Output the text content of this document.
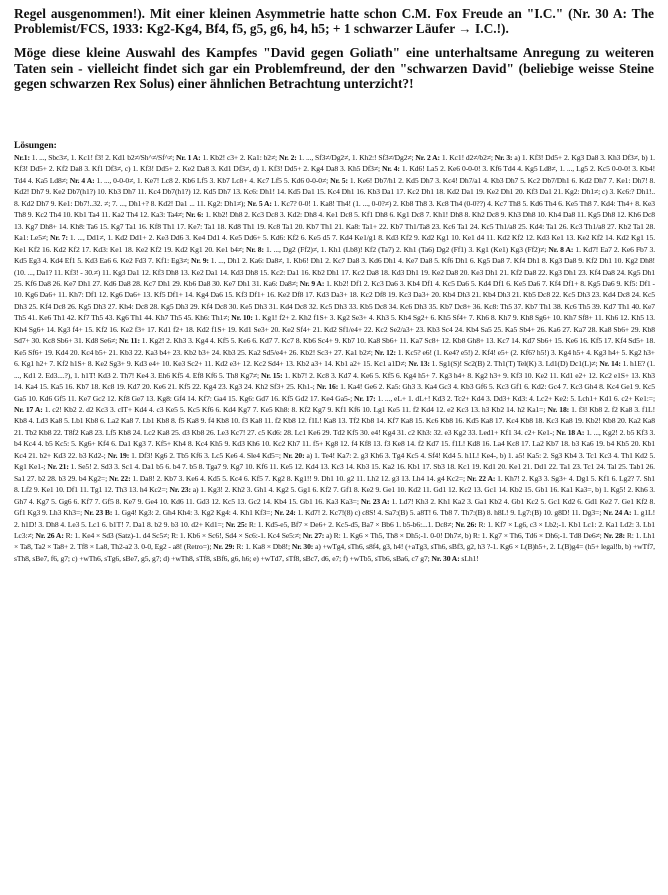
Regel ausgenommen!). Mit einer kleinen Asymmetrie hatte schon C.M. Fox Freude an "I.C." (Nr. 30 A: The Problemist/FCS, 1933: Kg2-Kg4, Bf4, f5, g5, g6, h4, h5; + 1 schwarzer Läufer → I.C.!).

Möge diese kleine Auswahl des Kampfes "David gegen Goliath" eine unterhaltsame Anregung zu weiteren Taten sein - vielleicht findet sich gar ein Problemfreund, der den "schwarzen David" (beliebige weisse Steine gegen schwarzen Rex Solus) einer ähnlichen Betrachtung unterzicht?!

Lösungen:
Nr.1: 1. ..., Sbc3≠, 1. Kc1! f3! 2. Kd1 b2≠/Sh^≠/Sf^≠; Nr. 1 A: 1. Kb2! c3+ 2. Ka1: b2≠; Nr. 2: 1. ..., Sf3≠/Dg2≠, 1. Kh2:! Sf3≠/Dg2≠; Nr. 2 A: 1. Kc1! d2≠/b2≠; Nr. 3: a) 1. Kf3! Dd5+ 2. Kg3 Da8 3. Kh3 Df3≠, b) 1. Kf3! Dd5+ 2. Kf2 Da8 3. Kf1 Df3≠, c) 1. Kf3! Dd5+ 2. Ke2 Da8 3. Kd1 Df3≠, d) 1. Kf3! Dd5+ 2. Kg4 Da8 3. Kh5 Df3≠; Nr. 4: 1. Kd6! La5 2. Ke6 0-0-0! 3. Kf6 Td4 4. Kg5 Ld8≠, 1. ..., Lg5 2. Kc5 0-0-0! 3. Kb4! Td4 4. Ka5 Ld8≠; Nr. 4 A: 1. ..., 0-0-0≠, 1. Ke7! Lc8 2. Kb6 Lf5 3. Kb7 Lc8+ 4. Kc7 Lf5 5. Kd6 0-0-0≠; Nr. 5: 1. Ke6! Db7/h1 2. Kd5 Dh7 3. Kc4! Dh7/a1 4. Kb3 Dh7 5. Kc2 Db7/Dh1 6. Kd2 Dh7 7. Ke1: Dh7! 8. Kd2! Dh7 9. Ke2 Db7(h1?) 10. Kb3 Dh7 11. Kc4 Db7(h1?) 12. Kd5 Dh7 13. Kc6: Dh1! 14. Kd5 Da1 15. Kc4 Dh1 16. Kb3 Da1 17. Kc2 Dh1 18. Kd2 Da1 19. Ke2 Dh1 20. Kf3 Da1 21. Kg2: Dh1≠; c) 3. Kc6:? Dh1!.. 8. Kd2 Dh7 9. Ke1: Db7!..32. ≠; 7. ..., Dh1+? 8. Kd2! Da1 ... 11. Kg2: Dh1≠); Nr. 5 A: 1. Kc7? 0-0! 1. Ka8! Th4! (1. ..., 0-0?≠) 2. Kb8 Th8 3. Kc8 Th4 (0-0??) 4. Kc7 Th8 5. Kd6 Th4 6. Ke5 Th8 7. Kd4: Th4+ 8. Ke3 Th8 9. Kc2 Th4 10. Kb1 Ta4 11. Ka2 Th4 12. Ka3: Ta4≠; Nr. 6: 1. Kb2! Dh8 2. Kc3 Dc8 3. Kd2: Dh8 4. Ke1 Dc8 5. Kf1 Dh8 6. Kg1 Dc8 7. Kh1! Dh8 8. Kh2 Dc8 9. Kh3 Dh8 10. Kh4 Da8 11. Kg5 Dh8 12. Kh6 Dc8 13. Kg7 Dh8+ 14. Kh8: Ta6 15. Kg7 Ta1 16. Kf8 Th1 17. Ke7: Ta1 18. Kd8 Th1 19. Kc8 Ta1 20. Kb7 Th1 21. Ka8: Ta1+ 22. Kb7 Th1/Ta8 23. Kc6 Ta1 24. Kc5 Th1/a8 25. Kd4: Ta1 26. Kc3 Th1/a8 27. Kb2 Ta1 28. Ka1: Le5≠; Nr. 7: 1. ..., Dd1≠, 1. Kd2 Dd1+ 2. Ke3 Dd6 3. Ke4 Dd1 4. Ke5 Dd6+ 5. Kd6: Kf2 6. Ke5 d5 7. Kd4 Ke1/g1 8. Kd3 Kf2 9. Kd2 Kg1 10. Ke1 d4 11. Kd2 Kf2 12. Kd3 Ke1 13. Ke2 Kf2 14. Kd2 Kg1 15. Ke1 Kf2 16. Kd2 Kf2 17. Kd3: Ke1 18. Ke2 Kf2 19. Kd2 Kg1 20. Ke1 b4≠; Nr. 8: 1. ..., Dg2 (Ff2)≠, 1. Kh1 (Lb8)! Kf2 (Ta7) 2. Kh1 (Ta6) Dg2 (Ff1) 3. Kg1 (Ke1) Kg3 (Ff2)≠; Nr. 8 A: 1. Kd7! Ea7 2. Ke6 Fb7 3. Kd5 Eg3 4. Kd4 Ef1 5. Kd3 Ea6 6. Ke2 Fd3 7. Kf1: Eg3≠; Nr. 9: 1. ..., Dh1 2. Ka6: Da8≠, 1. Kb6! Dh1 2. Kc7 Da8 3. Kd6 Dh1 4. Ke7 Da8 5. Kf6 Dh1 6. Kg5 Da8 7. Kf4 Dh1 8. Kg3 Da8 9. Kf2 Dh1 10. Kg2 Dh8! (10. ..., Da1? 11. Kf3! - 30.≠) 11. Kg3 Da1 12. Kf3 Dh8 13. Ke2 Da1 14. Kd3 Dh8 15. Kc2: Da1 16. Kb2 Dh1 17. Kc2 Da8 18. Kd3 Dh1 19. Ke2 Da8 20. Ke3 Dh1 21. Kf2 Da8 22. Kg3 Dh1 23. Kf4 Da8 24. Kg5 Dh1 25. Kf6 Da8 26. Ke7 Dh1 27. Kd6 Da8 28. Kc7 Dh1 29. Kb6 Da8 30. Ke7 Dh1 31. Ka6: Da8≠; Nr. 9 A: 1. Kb2! Df1 2. Kc3 Da6 3. Kb4 Df1 4. Kc5 Da6 5. Kd4 Df1 6. Ke5 Da6 7. Kf4 Df1+ 8. Kg5 Da6 9. Kf5: Df1 - 10. Kg6 Da6+ 11. Kh7: Df1 12. Kg6 Da6+ 13. Kf5 Df1+ 14. Kg4 Da6 15. Kf3 Df1+ 16. Ke2 Df8 17. Kd3 Da3+ 18. Kc2 Df8 19. Kc3 Da3+ 20. Kb4 Dh3 21. Kb4 Dh3 21. Kb5 Dc8 22. Kc5 Dh3 23. Kd4 Dc8 24. Kc5 Dh3 25. Kf4 Dc8 26. Kg5 Dh3 27. Kh4: Dc8 28. Kg5 Dh3 29. Kf4 Dc8 30. Ke5 Dh3 31. Kd4 Dc8 32. Kc5 Dh3 33. Kb5 Dc8 34. Kc6 Dh3 35. Kb7 Dc8+ 36. Kc8: Th5 37. Kb7 Th1 38. Kc6 Th5 39. Kd7 Th1 40. Ke7 Th5 41. Ke6 Th1 42. Kf7 Th5 43. Kg6 Th1 44. Kh7 Th5 45. Kh6: Th1≠; Nr. 10: 1. Kg1! f2+ 2. Kh2 f1S+ 3. Kg2 Se3+ 4. Kh3 5. Kh4 Sg2+ 6. Kh5 Sf4+ 7. Kh6 8. Kh7 9. Kh8 Sg6+ 10. Kh7 Sf8+ 11. Kh6 12. Kh5 13. Kh4 Sg6+ 14. Kg3 f4+ 15. Kf2 16. Ke2 f3+ 17. Kd1 f2+ 18. Kd2 f1S+ 19. Kd1 Se3+ 20. Ke2 Sf4+ 21. Kd2 Sf1/e4+ 22. Kc2 Se2/a3+ 23. Kb3 Sc4 24. Kb4 Sa5 25. Ka5 Sb4+ 26. Ka6 27. Ka7 28. Ka8 Sb6+ 29. Kb8 Sd7+ 30. Kc8 Sb6+ 31. Kd8 Se6≠; Nr. 11: 1. Kg2! 2. Kh3 3. Kg4 4. Kf5 5. Ke6 6. Kd7 7. Kc7 8. Kb6 Sc4+ 9. Kb7 10. Ka8 Sb6+ 11. Ka7 Sc8+ 12. Kb8 Gh8+ 13. Kc7 14. Kd7 Sb6+ 15. Ke6 16. Kf5 17. Kf4 Sd5+ 18. Ke5 Sf6+ 19. Kd4 20. Kc4 b5+ 21. Kb3 22. Ka3 b4+ 23. Kb2 b3+ 24. Kb3 25. Ka2 Sd5/e4+ 26. Kb2! Sc3+ 27. Ka1 b2≠; Nr. 12: 1. Kc5? e6! (1. Ke4? e5!) 2. Kf4! e5+ (2. Kf6? h5!) 3. Kg4 h5+ 4. Kg3 h4+ 5. Kg2 h3+ 6. Kg1 h2+ 7. Kf2 h1S+ 8. Ke2 Sg3+ 9. Kd3 e4+ 10. Ke3 Sc2+ 11. Kd2 e3+ 12. Kc2 Sd4+ 13. Kb2 a3+ 14. Kb1 a2+ 15. Kc1 a1D≠; Nr. 13: 1. Sg1(S)! Sc2(B) 2. Th1(T) Tel(K) 3. Ld1(D) Dc1(L)≠; Nr. 14: 1. h1E? (1. ..., Kd1 2. Ed3....?), 1. h1T! Kd3 2. Th7! Ke4 3. Eh6 Kf5 4. Ef8 Kf6 5. Th8 Kg7≠; Nr. 15: 1. Kb7! 2. Kc8 3. Kd7 4. Ke6 5. Kf5 6. Kg4 h5+ 7. Kg3 h4+ 8. Kg2 h3+ 9. Kf3 10. Ke2 11. Kd1 e2+ 12. Kc2 e1S+ 13. Kb3 14. Ka4 15. Ka5 16. Kb7 18. Kc8 19. Kd7 20. Ke6 21. Kf5 22. Kg4 23. Kg3 24. Kh2 Sf3+ 25. Kh1-; Nr. 16: 1. Ka4! Ge6 2. Ka5: Gh3 3. Ka4 Gc3 4. Kb3 Gf6 5. Kc3 Gf1 6. Kd2: Gc4 7. Kc3 Gh4 8. Kc4 Ge1 9. Kc5 Ga5 10. Kd6 Gf5 11. Ke7 Gc2 12. Kf8 Ge7 13. Kg8: Gf4 14. Kf7: Ga4 15. Kg6: Gd7 16. Kf5 Gd2 17. Ke4 Ga5-; Nr. 17: 1. ..., eL+ 1. dL+! Kd3 2. Tc2+ Kd4 3. Dd3+ Kd3: 4. Lc2+ Ke2: 5. Lch1+ Kd1 6. c2+ Ke1:=; Nr. 17 A: 1. c2! Kb2 2. d2 Kc3 3. cIT+ Kd4 4. c3 Ke5 5. Kc5 Kf6 6. Kd4 Kg7 7. Ke5 Kh8: 8. Kf2 Kg7 9. Kf1 Kf6 10. Lg1 Ke5 11. f2 Kd4 12. e2 Kc3 13. h3 Kb2 14. h2 Ka1=; Nr. 18: 1. f3! Kb8 2. f2 Ka8 3. f1L! Kb8 4. Ld3 Ka8 5. Lb1 Kb8 6. La2 Ka8 7. Lb1 Kb8 8. f5 Ka8 9. f4 Kb8 10. f3 Ka8 11. f2 Kb8 12. f1L! Ka8 13. Tf2 Kb8 14. Kf7 Ka8 15. Kc6 Kb8 16. Kd5 Ka8 17. Kc4 Kb8 18. Kc3 Ka8 19. Kb2! Kb8 20. Ka2 Ka8 21. Tb2 Kb8 22. T8f2 Ka8 23. Lf5 Kb8 24. Lc2 Ka8 25. d3 Kb8 26. Le3 Kc7! 27. c5 Kd6: 28. Lc1 Ke6 29. Td2 Kf5 30. e4! Kg4 31. c2 Kh3: 32. e3 Kg2 33. Led1+ Kf1 34. c2+ Ke1-; Nr. 18 A: 1. ..., Kg2! 2. b5 Kf3 3. b4 Kc4 4. b5 Kc5: 5. Kg6+ Kf4 6. Da1 Kg3 7. Kf5+ Kh4 8. Kc4 Kh5 9. Kd3 Kh6 10. Kc2 Kh7 11. f5+ Kg8 12. f4 Kf8 13. f3 Ke8 14. f2 Kd7 15. f1L! Kd8 16. La4 Kc8 17. La2 Kb7 18. b3 Ka6 19. b4 Kb5 20. Kb1 Kc4 21. b2+ Kd3 22. b3 Kd2-; Nr. 19: 1. Df3! Kg6 2. Tb5 Kf6 3. Lc5 Ke6 4. Sle4 Kd5=; Nr. 20: a) 1. Te4! Ka7: 2. g3 Kh6 3. Tg4 Kc5 4. Sf4! Kd4 5. h1L! Ke4-, b) 1. a5! Ka5: 2. Sg3 Kb4 3. Tc1 Kc3 4. Th1 Kd2 5. Kg1 Ke1-; Nr. 21: 1. Se5! 2. Sd3 3. Sc1 4. Da1 b5 6. b4 7. b5 8. Tga7 9. Kg7 10. Kf6 11. Ke5 12. Kd4 13. Kc3 14. Kb3 15. Ka2 16. Kb1 17. Sb3 18. Kc1 19. Kd1 20. Ke1 21. Dd1 22. Ta1 23. Tc1 24. Tal 25. Tab1 26. Sa1 27. b2 28. b3 29. b4 Kg2=; Nr. 22: 1. Da8! 2. Kb7 3. Ke6 4. Kd5 5. Kc4 6. Kf5 7. Kg2 8. Kg1!! 9. Dh1 10. g2 11. Lh2 12. g3 13. Lh4 14. g4 Kc2=; Nr. 22 A: 1. Kh7! 2. Kg3 3. Sg3+ 4. Dg1 5. Kf1 6. Lg2? 7. Sh1 8. Lf2 9. Ke1 10. Df1 11. Tg1 12. Th3 13. h4 Kc2=; Nr. 23: a) 1. Kg3! 2. Kh2 3. Gh1 4. Kg2 5. Gg1 6. Kf2 7. Gf1 8. Ke2 9. Ge1 10. Kd2 11. Gd1 12. Kc2 13. Gc1 14. Kb2 15. Gb1 16. Ka1 Ka3=, b) 1. Kg5! 2. Kh6 3. Gh7 4. Kg7 5. Gg6 6. Kf7 7. Gf5 8. Ke7 9. Ge4 10. Kd6 11. Gd3 12. Kc5 13. Gc2 14. Kb4 15. Gb1 16. Ka3 Ka3=; Nr. 23 A: 1. Ld7! Kh3 2. Kh1 Ka2 3. Ga1 Kb2 4. Gb1 Kc2 5. Gc1 Kd2 6. Gd1 Ke2 7. Ge1 Kf2 8. Gf1 Kg3 9. Lh3 Kh3=; Nr. 23 B: 1. Gg4! Kg3: 2. Gh4 Kh4: 3. Kg2 Kg4: 4. Kh1 Kf3=; Nr. 24: 1. Kd7! 2. Kc7!(8) c) c8S! 4. Sa7:(B) 5. a8T! 6. Tb8 7. Th7:(B) 8. h8L! 9. Lg7:(B) 10. g8D! 11. Dg3=; Nr. 24 A: 1. g1L! 2. h1D! 3. Dh8 4. Le3 5. Lc1 6. b1T! 7. Da1 8. b2 9. b3 10. d2+ Kd1=; Nr. 25: R: 1. Kd5-e5, Bf7 × De6+ 2. Kc5-d5, Ba7 × Bb6 1. b5-b6:...1. Dc8≠; Nr. 26: R: 1. Kf7 × Lg6, c3 × Lb2;-1. Kb1 Lc1: 2. Ka1 Ld2: 3. Lb1 Lc3:≠; Nr. 26 A: R: 1. Ke4 × Sd3 (Satz)-1. d4 Sc5≠; R: 1. Kb6 × Sc6!, Sd4 × Sc6:-1. Kc4 Se5:≠; Nr. 27: a) R: 1. Kg6 × Th5, Th8 × Dh5;-1. 0-0! Dh7≠, b) R: 1. Kg7 × Th6, Td6 × Dh6;-1. Td8 De6≠; Nr. 28: R: 1. Lh1 × Ta8, Ta2 × Ta8+ 2. Tf8 × La8, Th2-a2 3. 0-0, Eg2 - a8! (Retro=); Nr. 29: R: 1. Ka8 × Db8!; Nr. 30: a) +wTg4, sTh6, s8f4, g3, h4! (+aTg3, sTh6, sBf3, g2, h3 ?-1. Kg6 × L(B)h5+, 2. L(B)g4= (h5+ legal!b, b) +wTf7, sTh8, sBe7, f6, g7; c) +wTh6, sTg6, sBe7, g5, g7; d) +wTh8, sTf8, sBf6, g6, h6; e) +wTd7, sTf8, sBc7, d6, e7; f) +wTb5, sTb6, sBa6, c7 g7; Nr. 30 A: sLh1!
